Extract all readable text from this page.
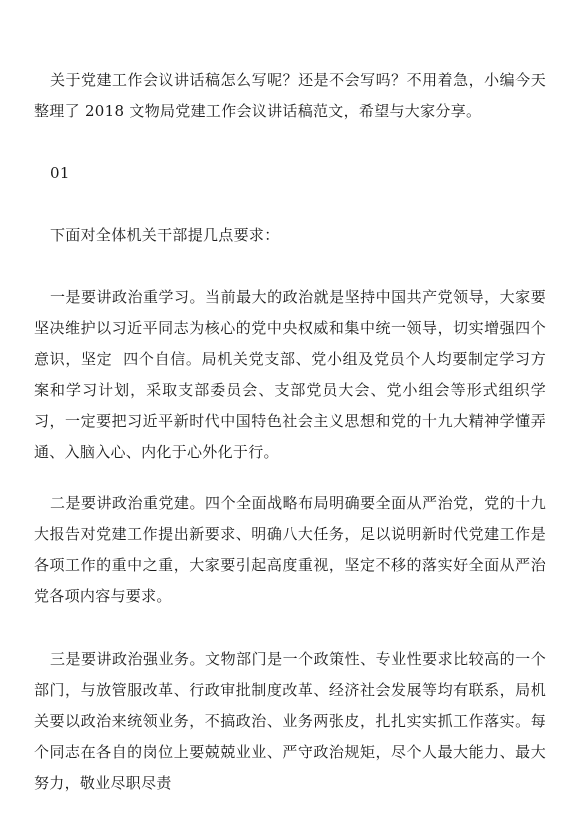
关于党建工作会议讲话稿怎么写呢？还是不会写吗？不用着急，小编今天整理了 2018 文物局党建工作会议讲话稿范文，希望与大家分享。

01

下面对全体机关干部提几点要求：

一是要讲政治重学习。当前最大的政治就是坚持中国共产党领导，大家要坚决维护以习近平同志为核心的党中央权威和集中统一领导，切实增强四个意识，坚定  四个自信。局机关党支部、党小组及党员个人均要制定学习方案和学习计划，采取支部委员会、支部党员大会、党小组会等形式组织学习，一定要把习近平新时代中国特色社会主义思想和党的十九大精神学懂弄通、入脑入心、内化于心外化于行。

二是要讲政治重党建。四个全面战略布局明确要全面从严治党，党的十九大报告对党建工作提出新要求、明确八大任务，足以说明新时代党建工作是各项工作的重中之重，大家要引起高度重视，坚定不移的落实好全面从严治党各项内容与要求。

三是要讲政治强业务。文物部门是一个政策性、专业性要求比较高的一个部门，与放管服改革、行政审批制度改革、经济社会发展等均有联系，局机关要以政治来统领业务，不搞政治、业务两张皮，扎扎实实抓工作落实。每个同志在各自的岗位上要兢兢业业、严守政治规矩，尽个人最大能力、最大努力，敬业尽职尽责
